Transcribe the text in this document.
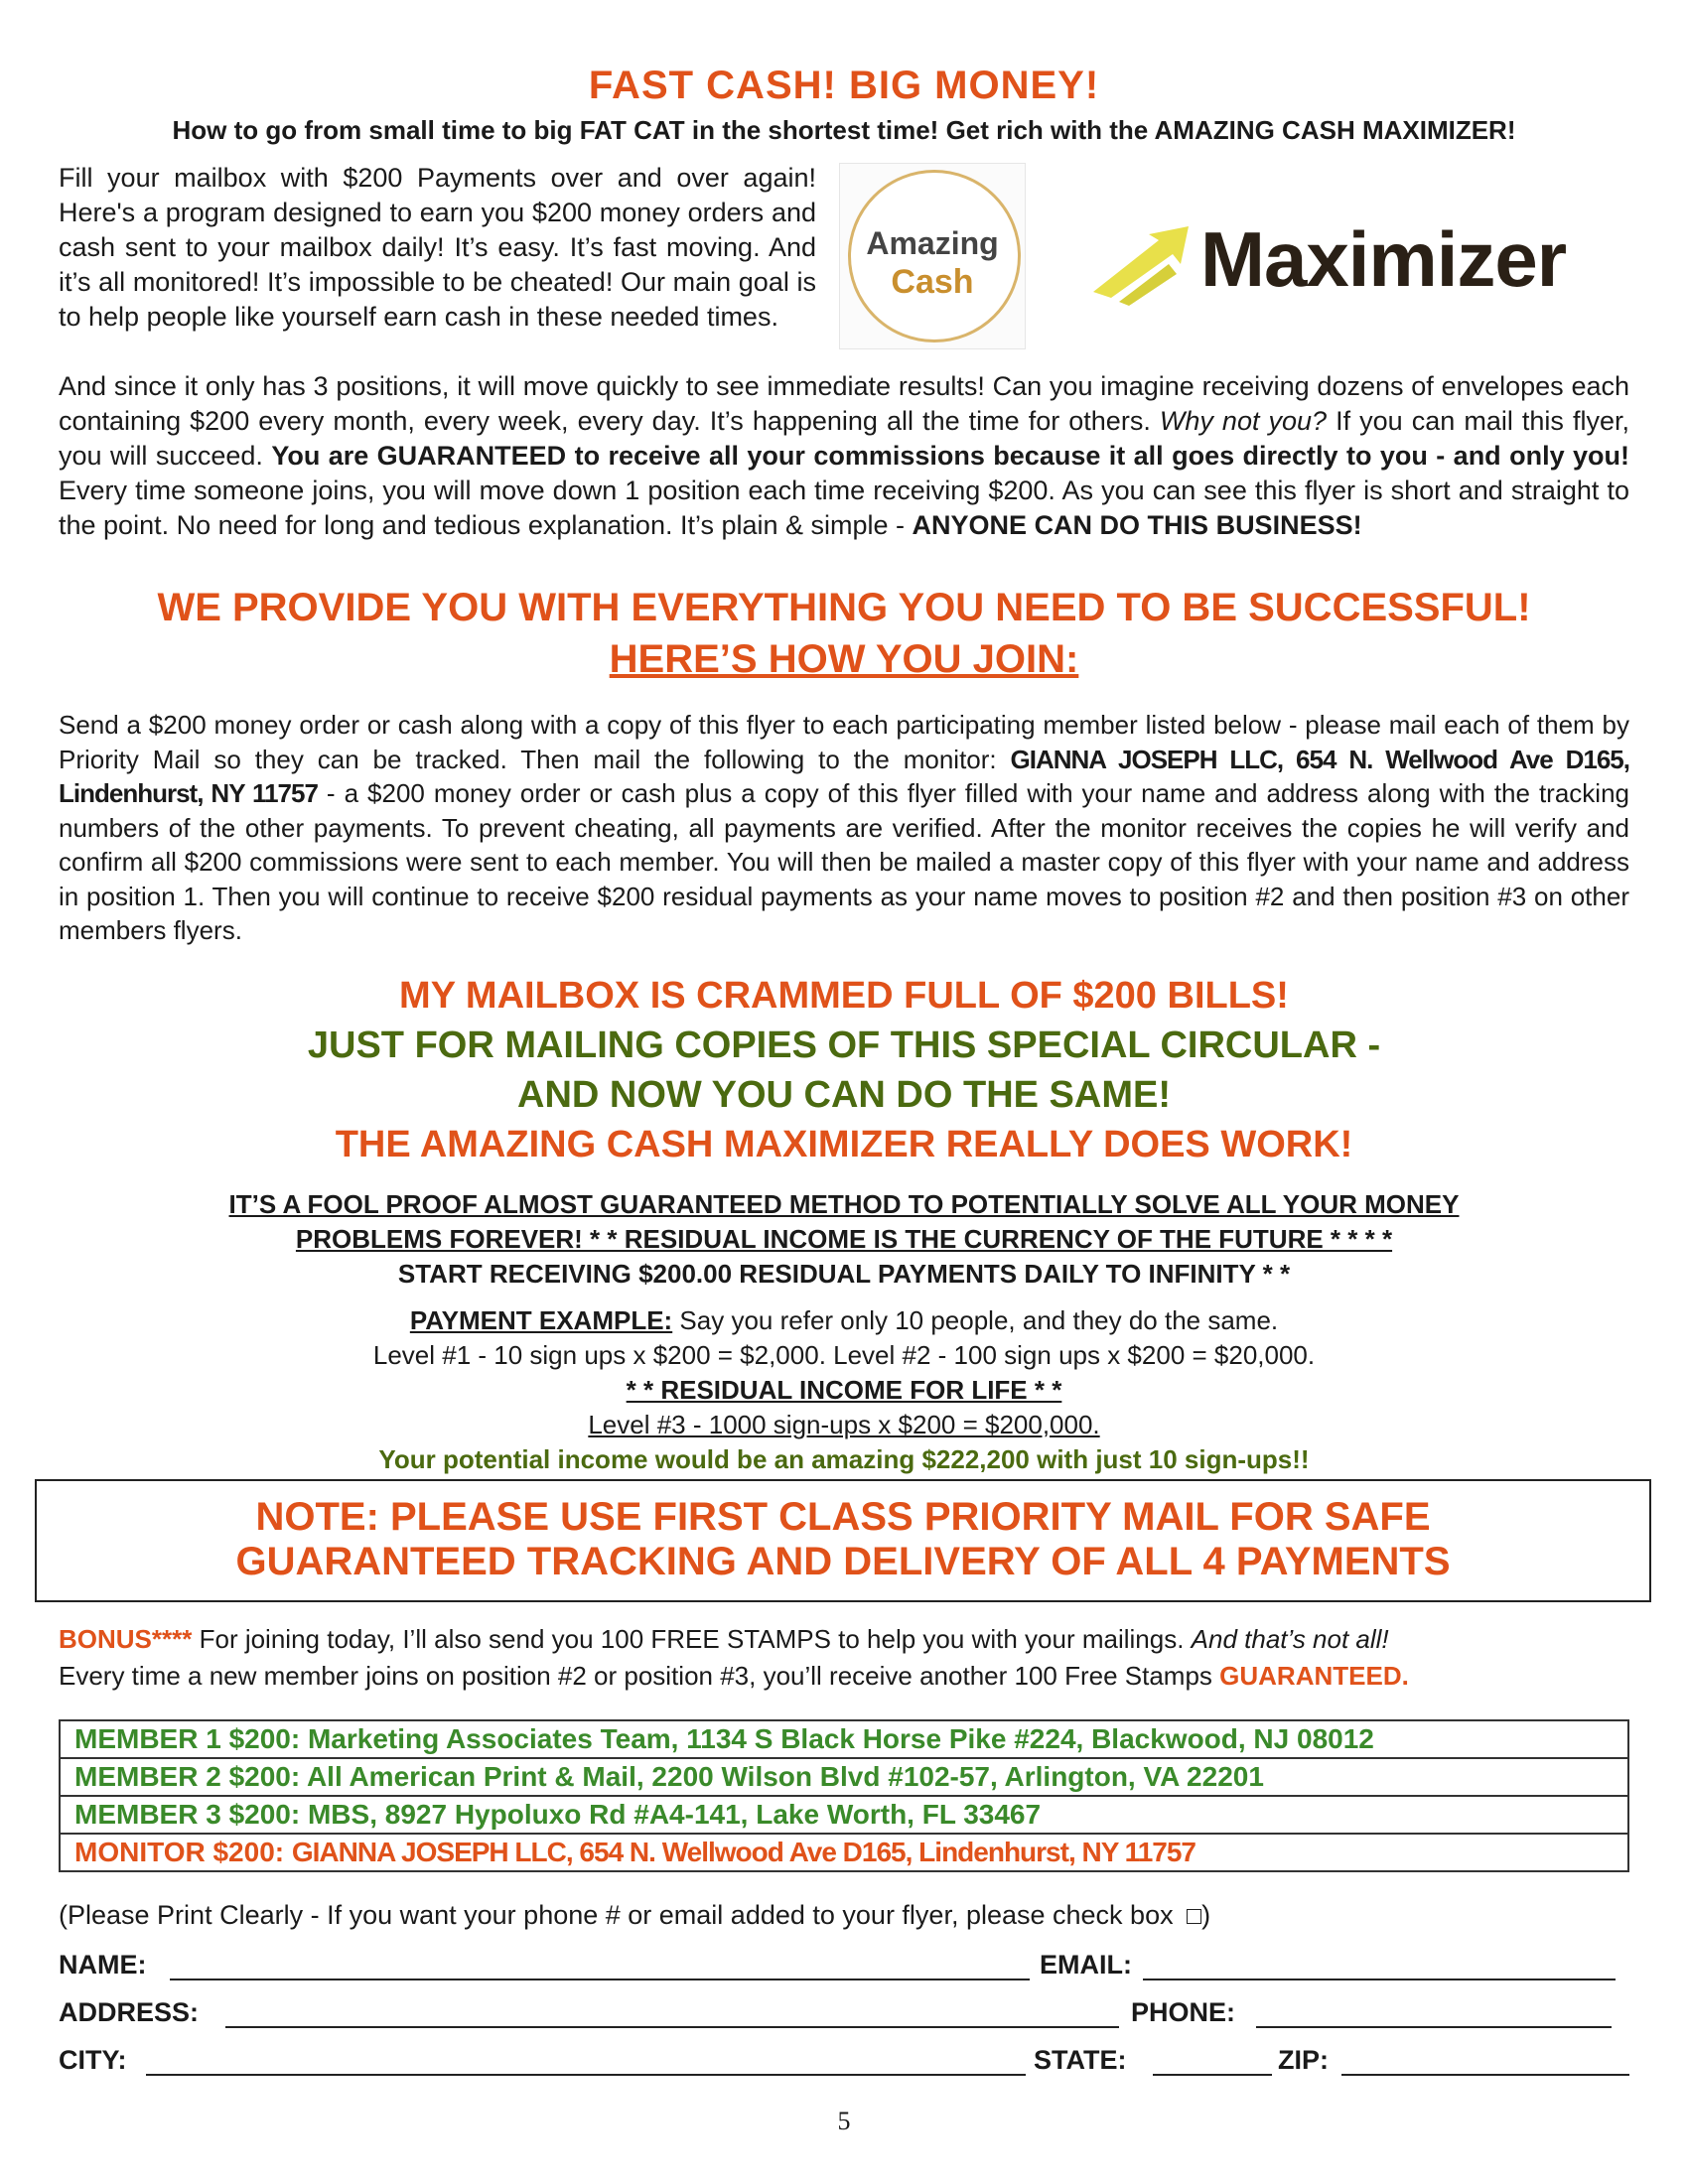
FAST CASH! BIG MONEY!
How to go from small time to big FAT CAT in the shortest time! Get rich with the AMAZING CASH MAXIMIZER!
Fill your mailbox with $200 Payments over and over again! Here's a program designed to earn you $200 money orders and cash sent to your mailbox daily! It’s easy. It’s fast moving. And it’s all monitored! It’s impossible to be cheated! Our main goal is to help people like yourself earn cash in these needed times.
Amazing
Cash	Maximizer
And since it only has 3 positions, it will move quickly to see immediate results! Can you imagine receiving dozens of envelopes each containing $200 every month, every week, every day. It’s happening all the time for others. Why not you? If you can mail this flyer, you will succeed. You are GUARANTEED to receive all your commissions because it all goes directly to you - and only you! Every time someone joins, you will move down 1 position each time receiving $200. As you can see this flyer is short and straight to the point. No need for long and tedious explanation. It’s plain & simple - ANYONE CAN DO THIS BUSINESS!
WE PROVIDE YOU WITH EVERYTHING YOU NEED TO BE SUCCESSFUL!
HERE’S HOW YOU JOIN:
Send a $200 money order or cash along with a copy of this flyer to each participating member listed below - please mail each of them by Priority Mail so they can be tracked. Then mail the following to the monitor: GIANNA JOSEPH LLC, 654 N. Wellwood Ave D165, Lindenhurst, NY 11757 - a $200 money order or cash plus a copy of this flyer filled with your name and address along with the tracking numbers of the other payments. To prevent cheating, all payments are verified. After the monitor receives the copies he will verify and confirm all $200 commissions were sent to each member. You will then be mailed a master copy of this flyer with your name and address in position 1. Then you will continue to receive $200 residual payments as your name moves to position #2 and then position #3 on other members flyers.
MY MAILBOX IS CRAMMED FULL OF $200 BILLS!
JUST FOR MAILING COPIES OF THIS SPECIAL CIRCULAR -
AND NOW YOU CAN DO THE SAME!
THE AMAZING CASH MAXIMIZER REALLY DOES WORK!
IT’S A FOOL PROOF ALMOST GUARANTEED METHOD TO POTENTIALLY SOLVE ALL YOUR MONEY
PROBLEMS FOREVER! * * RESIDUAL INCOME IS THE CURRENCY OF THE FUTURE * * * *
START RECEIVING $200.00 RESIDUAL PAYMENTS DAILY TO INFINITY * *
PAYMENT EXAMPLE: Say you refer only 10 people, and they do the same.
Level #1 - 10 sign ups x $200 = $2,000. Level #2 - 100 sign ups x $200 = $20,000.
* * RESIDUAL INCOME FOR LIFE * *
Level #3 - 1000 sign-ups x $200 = $200,000.
Your potential income would be an amazing $222,200 with just 10 sign-ups!!
NOTE: PLEASE USE FIRST CLASS PRIORITY MAIL FOR SAFE
GUARANTEED TRACKING AND DELIVERY OF ALL 4 PAYMENTS
BONUS**** For joining today, I’ll also send you 100 FREE STAMPS to help you with your mailings. And that’s not all!
Every time a new member joins on position #2 or position #3, you’ll receive another 100 Free Stamps GUARANTEED.
MEMBER 1 $200: Marketing Associates Team, 1134 S Black Horse Pike #224, Blackwood, NJ 08012
MEMBER 2 $200: All American Print & Mail, 2200 Wilson Blvd #102-57, Arlington, VA 22201
MEMBER 3 $200: MBS, 8927 Hypoluxo Rd #A4-141, Lake Worth, FL 33467
MONITOR $200: GIANNA JOSEPH LLC, 654 N. Wellwood Ave D165, Lindenhurst, NY 11757
(Please Print Clearly - If you want your phone # or email added to your flyer, please check box )
NAME:	EMAIL:
ADDRESS:	PHONE:
CITY:	STATE:	ZIP:
5
